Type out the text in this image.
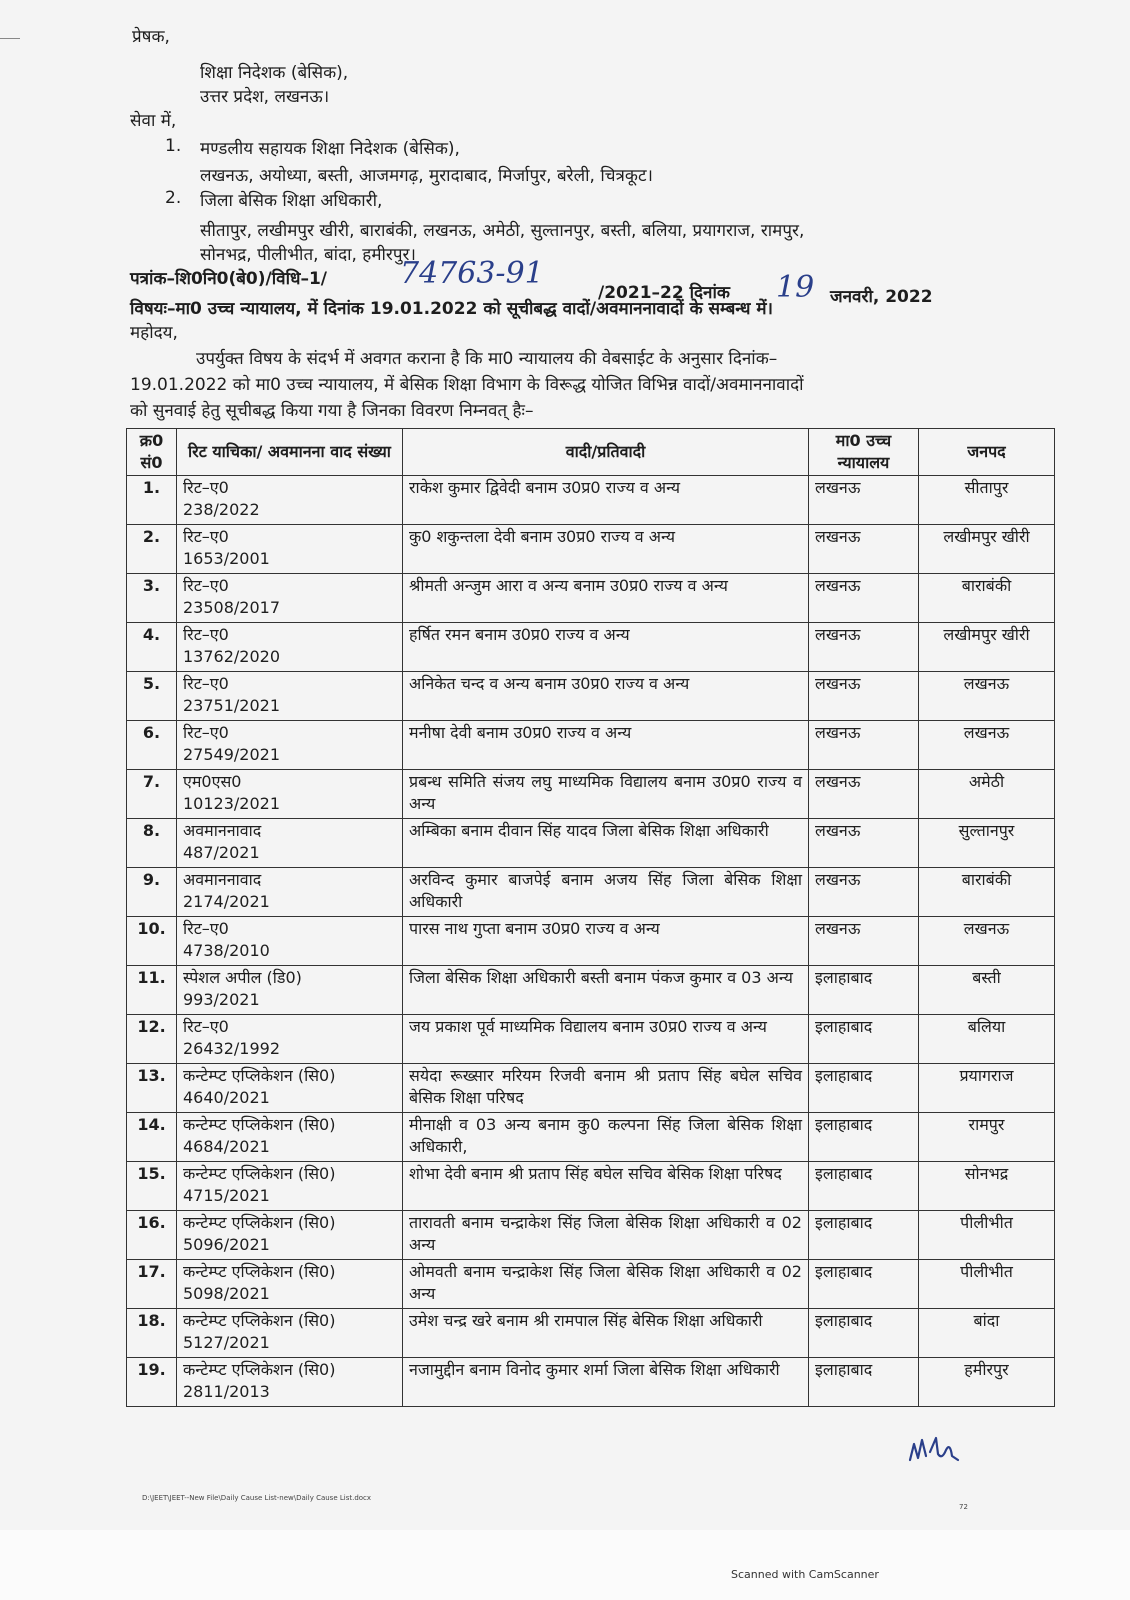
प्रेषक,
शिक्षा निदेशक (बेसिक),
उत्तर प्रदेश, लखनऊ।
सेवा में,
1. मण्डलीय सहायक शिक्षा निदेशक (बेसिक),
लखनऊ, अयोध्या, बस्ती, आजमगढ़, मुरादाबाद, मिर्जापुर, बरेली, चित्रकूट।
2. जिला बेसिक शिक्षा अधिकारी,
सीतापुर, लखीमपुर खीरी, बाराबंकी, लखनऊ, अमेठी, सुल्तानपुर, बस्ती, बलिया, प्रयागराज, रामपुर,
सोनभद्र, पीलीभीत, बांदा, हमीरपुर।
पत्रांक–शि0नि0(बे0)/विधि–1/ 74763-91
/2021–22 दिनांक 19 जनवरी, 2022
विषयः–मा0 उच्च न्यायालय, में दिनांक 19.01.2022 को सूचीबद्ध वादों/अवमाननावादों के सम्बन्ध में।
महोदय,
उपर्युक्त विषय के संदर्भ में अवगत कराना है कि मा0 न्यायालय की वेबसाईट के अनुसार दिनांक–
19.01.2022 को मा0 उच्च न्यायालय, में बेसिक शिक्षा विभाग के विरूद्ध योजित विभिन्न वादों/अवमाननावादों
को सुनवाई हेतु सूचीबद्ध किया गया है जिनका विवरण निम्नवत् हैः–
क्र0 सं0	रिट याचिका/ अवमानना वाद संख्या	वादी/प्रतिवादी	मा0 उच्च न्यायालय	जनपद

1.	रिट–ए0
238/2022	राकेश कुमार द्विवेदी बनाम उ0प्र0 राज्य व अन्य	लखनऊ	सीतापुर

2.	रिट–ए0
1653/2001	कु0 शकुन्तला देवी बनाम उ0प्र0 राज्य व अन्य	लखनऊ	लखीमपुर खीरी

3.	रिट–ए0
23508/2017	श्रीमती अन्जुम आरा व अन्य बनाम उ0प्र0 राज्य व अन्य	लखनऊ	बाराबंकी

4.	रिट–ए0
13762/2020	हर्षित रमन बनाम उ0प्र0 राज्य व अन्य	लखनऊ	लखीमपुर खीरी

5.	रिट–ए0
23751/2021	अनिकेत चन्द व अन्य बनाम उ0प्र0 राज्य व अन्य	लखनऊ	लखनऊ

6.	रिट–ए0
27549/2021	मनीषा देवी बनाम उ0प्र0 राज्य व अन्य	लखनऊ	लखनऊ

7.	एम0एस0
10123/2021	प्रबन्ध समिति संजय लघु माध्यमिक विद्यालय बनाम उ0प्र0 राज्य व अन्य	लखनऊ	अमेठी

8.	अवमाननावाद
487/2021	अम्बिका बनाम दीवान सिंह यादव जिला बेसिक शिक्षा अधिकारी	लखनऊ	सुल्तानपुर

9.	अवमाननावाद
2174/2021	अरविन्द कुमार बाजपेई बनाम अजय सिंह जिला बेसिक शिक्षा अधिकारी	लखनऊ	बाराबंकी

10.	रिट–ए0
4738/2010	पारस नाथ गुप्ता बनाम उ0प्र0 राज्य व अन्य	लखनऊ	लखनऊ

11.	स्पेशल अपील (डि0)
993/2021	जिला बेसिक शिक्षा अधिकारी बस्ती बनाम पंकज कुमार व 03 अन्य	इलाहाबाद	बस्ती

12.	रिट–ए0
26432/1992	जय प्रकाश पूर्व माध्यमिक विद्यालय बनाम उ0प्र0 राज्य व अन्य	इलाहाबाद	बलिया

13.	कन्टेम्प्ट एप्लिकेशन (सि0)
4640/2021	सयेदा रूख्सार मरियम रिजवी बनाम श्री प्रताप सिंह बघेल सचिव बेसिक शिक्षा परिषद	इलाहाबाद	प्रयागराज

14.	कन्टेम्प्ट एप्लिकेशन (सि0)
4684/2021	मीनाक्षी व 03 अन्य बनाम कु0 कल्पना सिंह जिला बेसिक शिक्षा अधिकारी,	इलाहाबाद	रामपुर

15.	कन्टेम्प्ट एप्लिकेशन (सि0)
4715/2021	शोभा देवी बनाम श्री प्रताप सिंह बघेल सचिव बेसिक शिक्षा परिषद	इलाहाबाद	सोनभद्र

16.	कन्टेम्प्ट एप्लिकेशन (सि0)
5096/2021	तारावती बनाम चन्द्राकेश सिंह जिला बेसिक शिक्षा अधिकारी व 02 अन्य	इलाहाबाद	पीलीभीत

17.	कन्टेम्प्ट एप्लिकेशन (सि0)
5098/2021	ओमवती बनाम चन्द्राकेश सिंह जिला बेसिक शिक्षा अधिकारी व 02 अन्य	इलाहाबाद	पीलीभीत

18.	कन्टेम्प्ट एप्लिकेशन (सि0)
5127/2021	उमेश चन्द्र खरे बनाम श्री रामपाल सिंह बेसिक शिक्षा अधिकारी	इलाहाबाद	बांदा

19.	कन्टेम्प्ट एप्लिकेशन (सि0)
2811/2013	नजामुद्दीन बनाम विनोद कुमार शर्मा जिला बेसिक शिक्षा अधिकारी	इलाहाबाद	हमीरपुर
D:\JEET\JEET--New File\Daily Cause List-new\Daily Cause List.docx
72
Scanned with CamScanner
